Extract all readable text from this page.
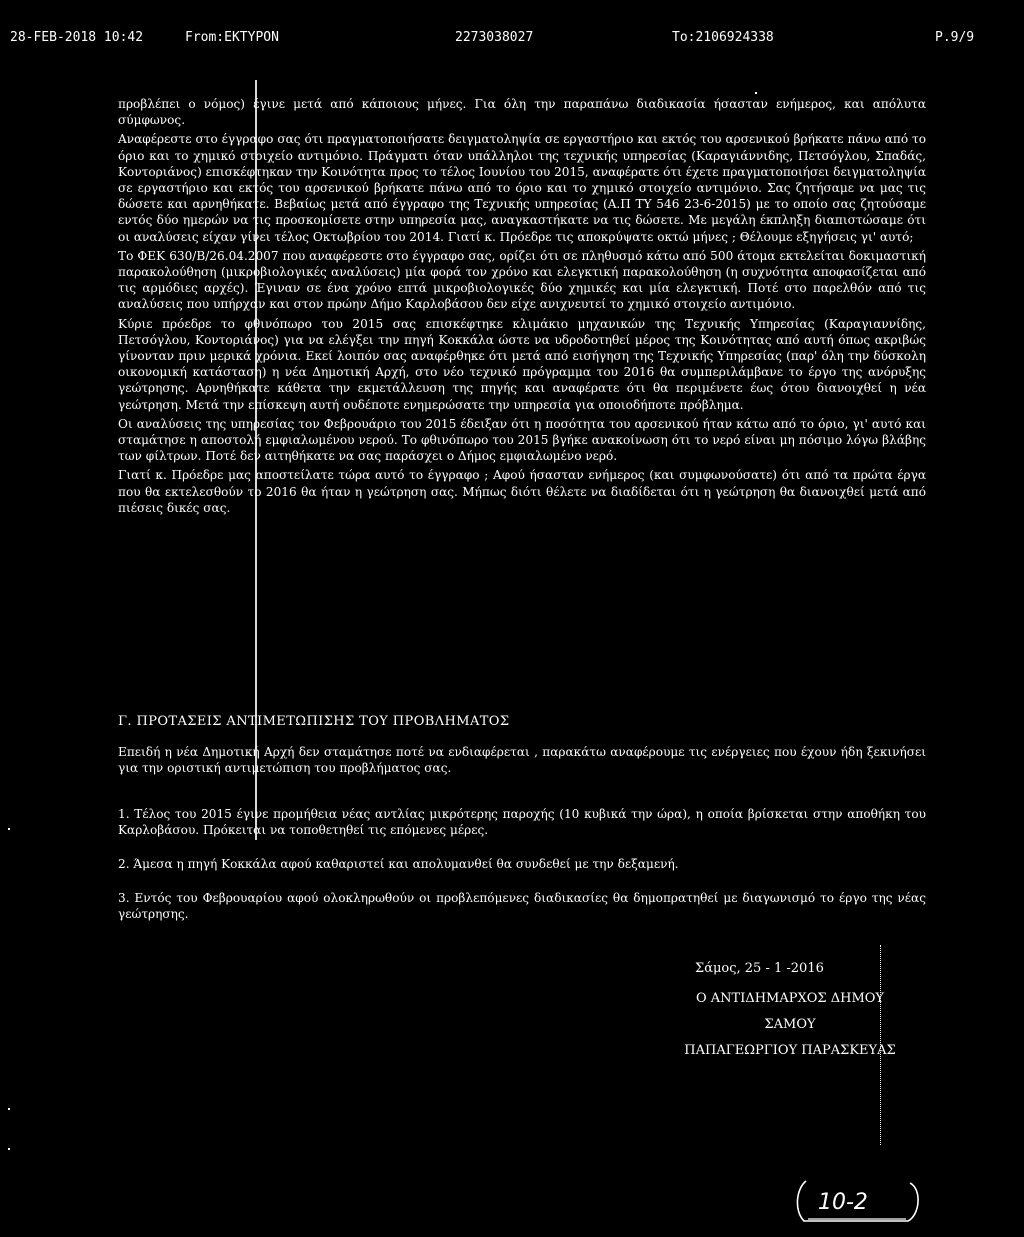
28-FEB-2018 10:42	From:EKTYPON	2273038027	To:2106924338	P.9/9

προβλέπει ο νόμος) έγινε μετά από κάποιους μήνες. Για όλη την παραπάνω διαδικασία ήσασταν ενήμερος, και απόλυτα σύμφωνος.

Αναφέρεστε στο έγγραφο σας ότι πραγματοποιήσατε δειγματοληψία σε εργαστήριο και εκτός του αρσενικού βρήκατε πάνω από το όριο και το χημικό στοιχείο αντιμόνιο. Πράγματι όταν υπάλληλοι της τεχνικής υπηρεσίας (Καραγιάννιδης, Πετσόγλου, Σπαδάς, Κοντοριάνος) επισκέφτηκαν την Κοινότητα προς το τέλος Ιουνίου του 2015, αναφέρατε ότι έχετε πραγματοποιήσει δειγματοληψία σε εργαστήριο και εκτός του αρσενικού βρήκατε πάνω από το όριο και το χημικό στοιχείο αντιμόνιο. Σας ζητήσαμε να μας τις δώσετε και αρνηθήκατε. Βεβαίως μετά από έγγραφο της Τεχνικής υπηρεσίας (Α.Π ΤΥ 546 23-6-2015) με το οποίο σας ζητούσαμε εντός δύο ημερών να τις προσκομίσετε στην υπηρεσία μας, αναγκαστήκατε να τις δώσετε. Με μεγάλη έκπληξη διαπιστώσαμε ότι οι αναλύσεις είχαν γίνει τέλος Οκτωβρίου του 2014. Γιατί κ. Πρόεδρε τις αποκρύψατε οκτώ μήνες ; Θέλουμε εξηγήσεις γι' αυτό;

Το ΦΕΚ 630/Β/26.04.2007 που αναφέρεστε στο έγγραφο σας, ορίζει ότι σε πληθυσμό κάτω από 500 άτομα εκτελείται δοκιμαστική παρακολούθηση (μικροβιολογικές αναλύσεις) μία φορά τον χρόνο και ελεγκτική παρακολούθηση (η συχνότητα αποφασίζεται από τις αρμόδιες αρχές). Έγιναν σε ένα χρόνο επτά μικροβιολογικές δύο χημικές και μία ελεγκτική. Ποτέ στο παρελθόν από τις αναλύσεις που υπήρχαν και στον πρώην Δήμο Καρλοβάσου δεν είχε ανιχνευτεί το χημικό στοιχείο αντιμόνιο.

Κύριε πρόεδρε το φθινόπωρο του 2015 σας επισκέφτηκε κλιμάκιο μηχανικών της Τεχνικής Υπηρεσίας (Καραγιαννίδης, Πετσόγλου, Κοντοριάνος) για να ελέγξει την πηγή Κοκκάλα ώστε να υδροδοτηθεί μέρος της Κοινότητας από αυτή όπως ακριβώς γίνονταν πριν μερικά χρόνια. Εκεί λοιπόν σας αναφέρθηκε ότι μετά από εισήγηση της Τεχνικής Υπηρεσίας (παρ' όλη την δύσκολη οικονομική κατάσταση) η νέα Δημοτική Αρχή, στο νέο τεχνικό πρόγραμμα του 2016 θα συμπεριλάμβανε το έργο της ανόρυξης γεώτρησης. Αρνηθήκατε κάθετα την εκμετάλλευση της πηγής και αναφέρατε ότι θα περιμένετε έως ότου διανοιχθεί η νέα γεώτρηση. Μετά την επίσκεψη αυτή ουδέποτε ενημερώσατε την υπηρεσία για οποιοδήποτε πρόβλημα.

Οι αναλύσεις της υπηρεσίας τον Φεβρουάριο του 2015 έδειξαν ότι η ποσότητα του αρσενικού ήταν κάτω από το όριο, γι' αυτό και σταμάτησε η αποστολή εμφιαλωμένου νερού. Το φθινόπωρο του 2015 βγήκε ανακοίνωση ότι το νερό είναι μη πόσιμο λόγω βλάβης των φίλτρων. Ποτέ δεν αιτηθήκατε να σας παράσχει ο Δήμος εμφιαλωμένο νερό.

Γιατί κ. Πρόεδρε μας αποστείλατε τώρα αυτό το έγγραφο ; Αφού ήσασταν ενήμερος (και συμφωνούσατε) ότι από τα πρώτα έργα που θα εκτελεσθούν το 2016 θα ήταν η γεώτρηση σας. Μήπως διότι θέλετε να διαδίδεται ότι η γεώτρηση θα διανοιχθεί μετά από πιέσεις δικές σας.

Γ. ΠΡΟΤΑΣΕΙΣ ΑΝΤΙΜΕΤΩΠΙΣΗΣ ΤΟΥ ΠΡΟΒΛΗΜΑΤΟΣ
Επειδή η νέα Δημοτική Αρχή δεν σταμάτησε ποτέ να ενδιαφέρεται , παρακάτω αναφέρουμε τις ενέργειες που έχουν ήδη ξεκινήσει για την οριστική αντιμετώπιση του προβλήματος σας.
1. Τέλος του 2015 έγινε προμήθεια νέας αντλίας μικρότερης παροχής (10 κυβικά την ώρα), η οποία βρίσκεται στην αποθήκη του Καρλοβάσου. Πρόκειται να τοποθετηθεί τις επόμενες μέρες.
2. Άμεσα η πηγή Κοκκάλα αφού καθαριστεί και απολυμανθεί θα συνδεθεί με την δεξαμενή.
3. Εντός του Φεβρουαρίου αφού ολοκληρωθούν οι προβλεπόμενες διαδικασίες θα δημοπρατηθεί με διαγωνισμό το έργο της νέας γεώτρησης.
Σάμος, 25 - 1 -2016
Ο ΑΝΤΙΔΗΜΑΡΧΟΣ ΔΗΜΟΥ
ΣΑΜΟΥ
ΠΑΠΑΓΕΩΡΓΙΟΥ ΠΑΡΑΣΚΕΥΑΣ
10-2
